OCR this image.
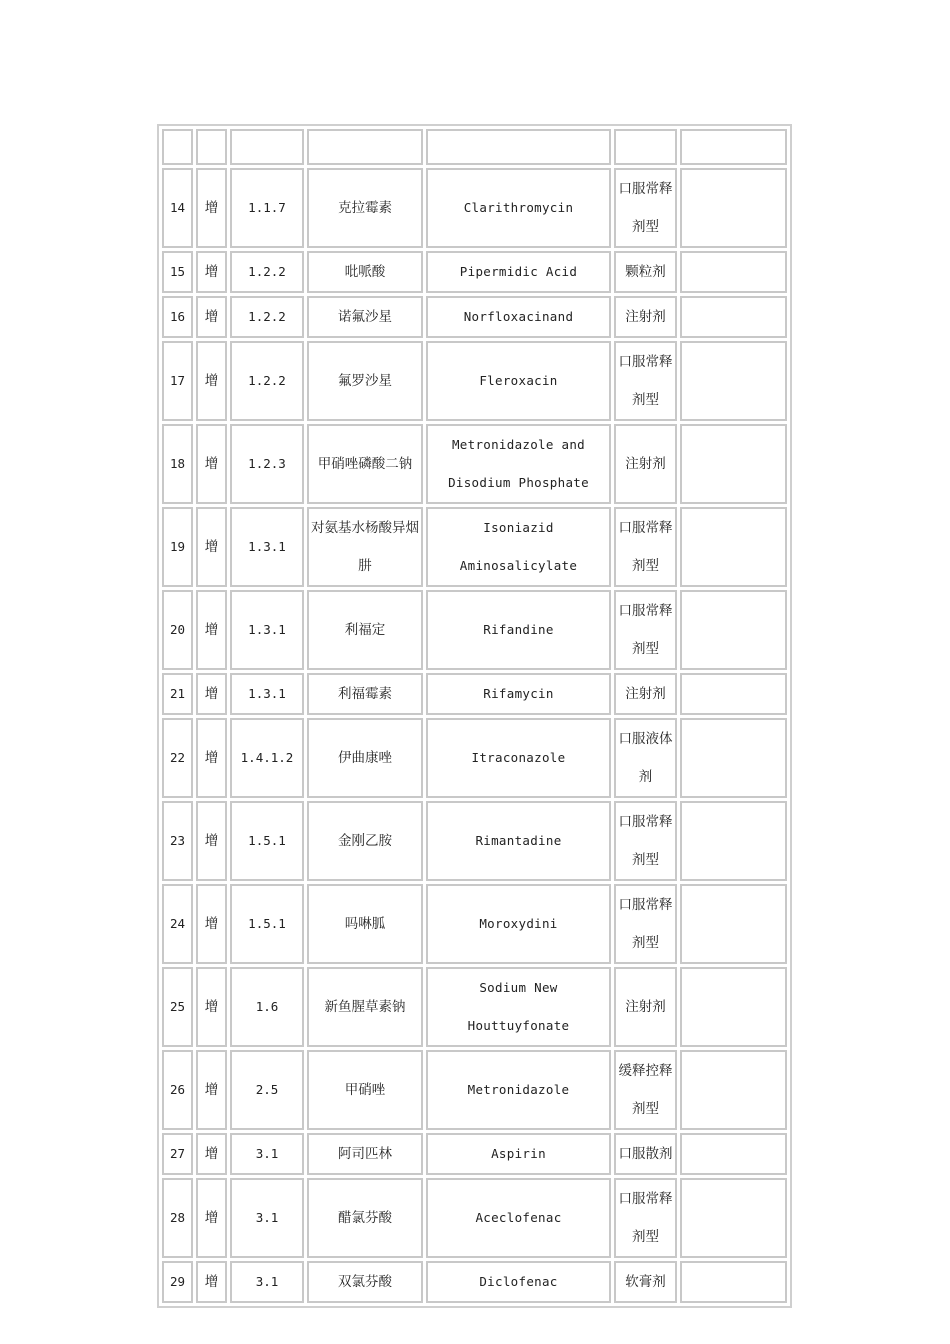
14	增	1.1.7	克拉霉素	Clarithromycin	口服常释剂型	
15	增	1.2.2	吡哌酸	Pipermidic Acid	颗粒剂	
16	增	1.2.2	诺氟沙星	Norfloxacinand	注射剂	
17	增	1.2.2	氟罗沙星	Fleroxacin	口服常释剂型	
18	增	1.2.3	甲硝唑磷酸二钠	Metronidazole and Disodium Phosphate	注射剂	
19	增	1.3.1	对氨基水杨酸异烟肼	Isoniazid Aminosalicylate	口服常释剂型	
20	增	1.3.1	利福定	Rifandine	口服常释剂型	
21	增	1.3.1	利福霉素	Rifamycin	注射剂	
22	增	1.4.1.2	伊曲康唑	Itraconazole	口服液体剂	
23	增	1.5.1	金刚乙胺	Rimantadine	口服常释剂型	
24	增	1.5.1	吗啉胍	Moroxydini	口服常释剂型	
25	增	1.6	新鱼腥草素钠	Sodium New Houttuyfonate	注射剂	
26	增	2.5	甲硝唑	Metronidazole	缓释控释剂型	
27	增	3.1	阿司匹林	Aspirin	口服散剂	
28	增	3.1	醋氯芬酸	Aceclofenac	口服常释剂型	
29	增	3.1	双氯芬酸	Diclofenac	软膏剂	
